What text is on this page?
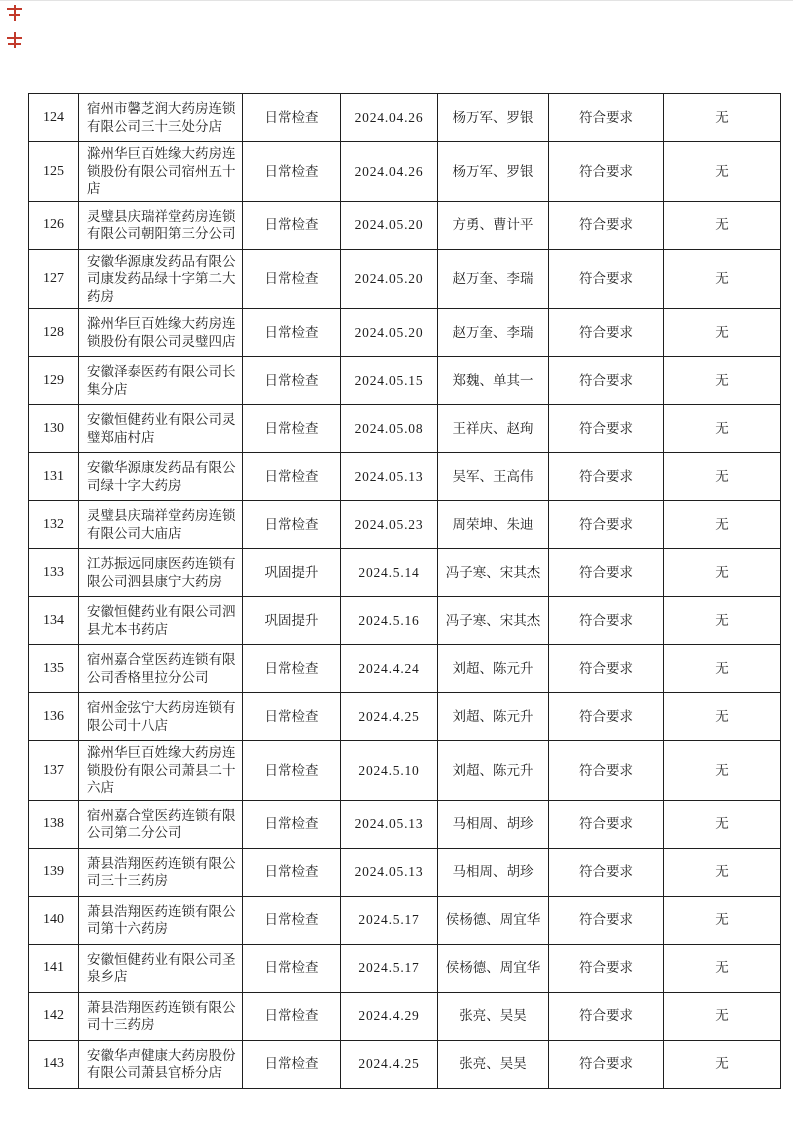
124	宿州市馨芝润大药房连锁有限公司三十三处分店	日常检查	2024.04.26	杨万军、罗银	符合要求	无
125	滁州华巨百姓缘大药房连锁股份有限公司宿州五十店	日常检查	2024.04.26	杨万军、罗银	符合要求	无
126	灵璧县庆瑞祥堂药房连锁有限公司朝阳第三分公司	日常检查	2024.05.20	方勇、曹计平	符合要求	无
127	安徽华源康发药品有限公司康发药品绿十字第二大药房	日常检查	2024.05.20	赵万奎、李瑞	符合要求	无
128	滁州华巨百姓缘大药房连锁股份有限公司灵璧四店	日常检查	2024.05.20	赵万奎、李瑞	符合要求	无
129	安徽泽泰医药有限公司长集分店	日常检查	2024.05.15	郑魏、单其一	符合要求	无
130	安徽恒健药业有限公司灵璧郑庙村店	日常检查	2024.05.08	王祥庆、赵珣	符合要求	无
131	安徽华源康发药品有限公司绿十字大药房	日常检查	2024.05.13	吴军、王高伟	符合要求	无
132	灵璧县庆瑞祥堂药房连锁有限公司大庙店	日常检查	2024.05.23	周荣坤、朱迪	符合要求	无
133	江苏振远同康医药连锁有限公司泗县康宁大药房	巩固提升	2024.5.14	冯子寒、宋其杰	符合要求	无
134	安徽恒健药业有限公司泗县尤本书药店	巩固提升	2024.5.16	冯子寒、宋其杰	符合要求	无
135	宿州嘉合堂医药连锁有限公司香格里拉分公司	日常检查	2024.4.24	刘超、陈元升	符合要求	无
136	宿州金弦宁大药房连锁有限公司十八店	日常检查	2024.4.25	刘超、陈元升	符合要求	无
137	滁州华巨百姓缘大药房连锁股份有限公司萧县二十六店	日常检查	2024.5.10	刘超、陈元升	符合要求	无
138	宿州嘉合堂医药连锁有限公司第二分公司	日常检查	2024.05.13	马相周、胡珍	符合要求	无
139	萧县浩翔医药连锁有限公司三十三药房	日常检查	2024.05.13	马相周、胡珍	符合要求	无
140	萧县浩翔医药连锁有限公司第十六药房	日常检查	2024.5.17	侯杨德、周宜华	符合要求	无
141	安徽恒健药业有限公司圣泉乡店	日常检查	2024.5.17	侯杨德、周宜华	符合要求	无
142	萧县浩翔医药连锁有限公司十三药房	日常检查	2024.4.29	张亮、吴昊	符合要求	无
143	安徽华声健康大药房股份有限公司萧县官桥分店	日常检查	2024.4.25	张亮、吴昊	符合要求	无
